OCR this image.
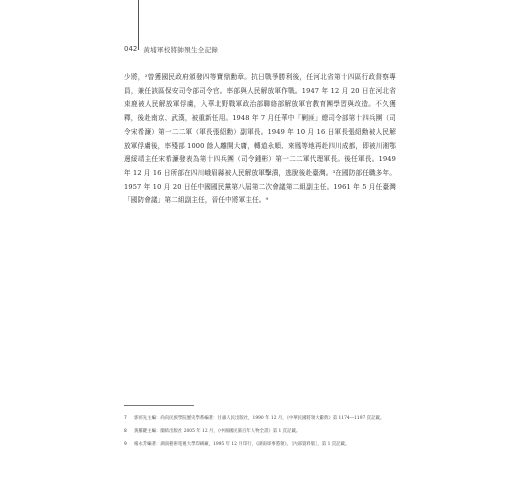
042 黃埔軍校將帥殞生全記錄

少將，²曾獲國民政府頒發四等寶鼎勳章。抗日戰爭勝利後，任河北省第十四區行政督察專員，兼任該區保安司令部司令官。率部與人民解放軍作戰。1947 年 12 月 20 日在河北省束鹿被人民解放軍俘虜，入華北野戰軍政治部聯絡部解放軍官教育團學習與改造。不久獲釋，後赴南京、武漢，被重新任用。1948 年 7 月任華中「剿匪」總司令部第十四兵團（司令宋希濂）第一二二軍（軍長張紹勳）副軍長。1949 年 10 月 16 日軍長張紹勳被人民解放軍俘虜後，率殘部 1000 餘人離開大庸，轉道永順、來鳳等地再赴四川成都，即被川湘鄂邊綏靖主任宋希濂發表為第十四兵團（司令鍾彬）第一二二軍代理軍長。後任軍長。1949 年 12 月 16 日所部在四川峨眉縣被人民解放軍擊潰，逃脫後赴臺灣。³在國防部任職多年。1957 年 10 月 20 日任中國國民黨第八屆第二次會議第二組副主任。1961 年 5 月任臺灣「國防會議」第二組副主任，晉任中將軍主任。⁹

7	郭祁先主編：尚向民族學院歷史學系編著：甘肅人民出版社，1990 年 12 月，《中華民國將領大辭典》第 1174—1197 頁記載。
8	黃羅鍵主編：團結出版社 2005 年 12 月，《中國國民黨百年人物全書》第 1 頁記載。
9	楊永芳編著：湖南藝術電視大學印刷廠，1995 年 12 月印行，《湖南軍事將領》，［內部資料版］，第 1 頁記載。
